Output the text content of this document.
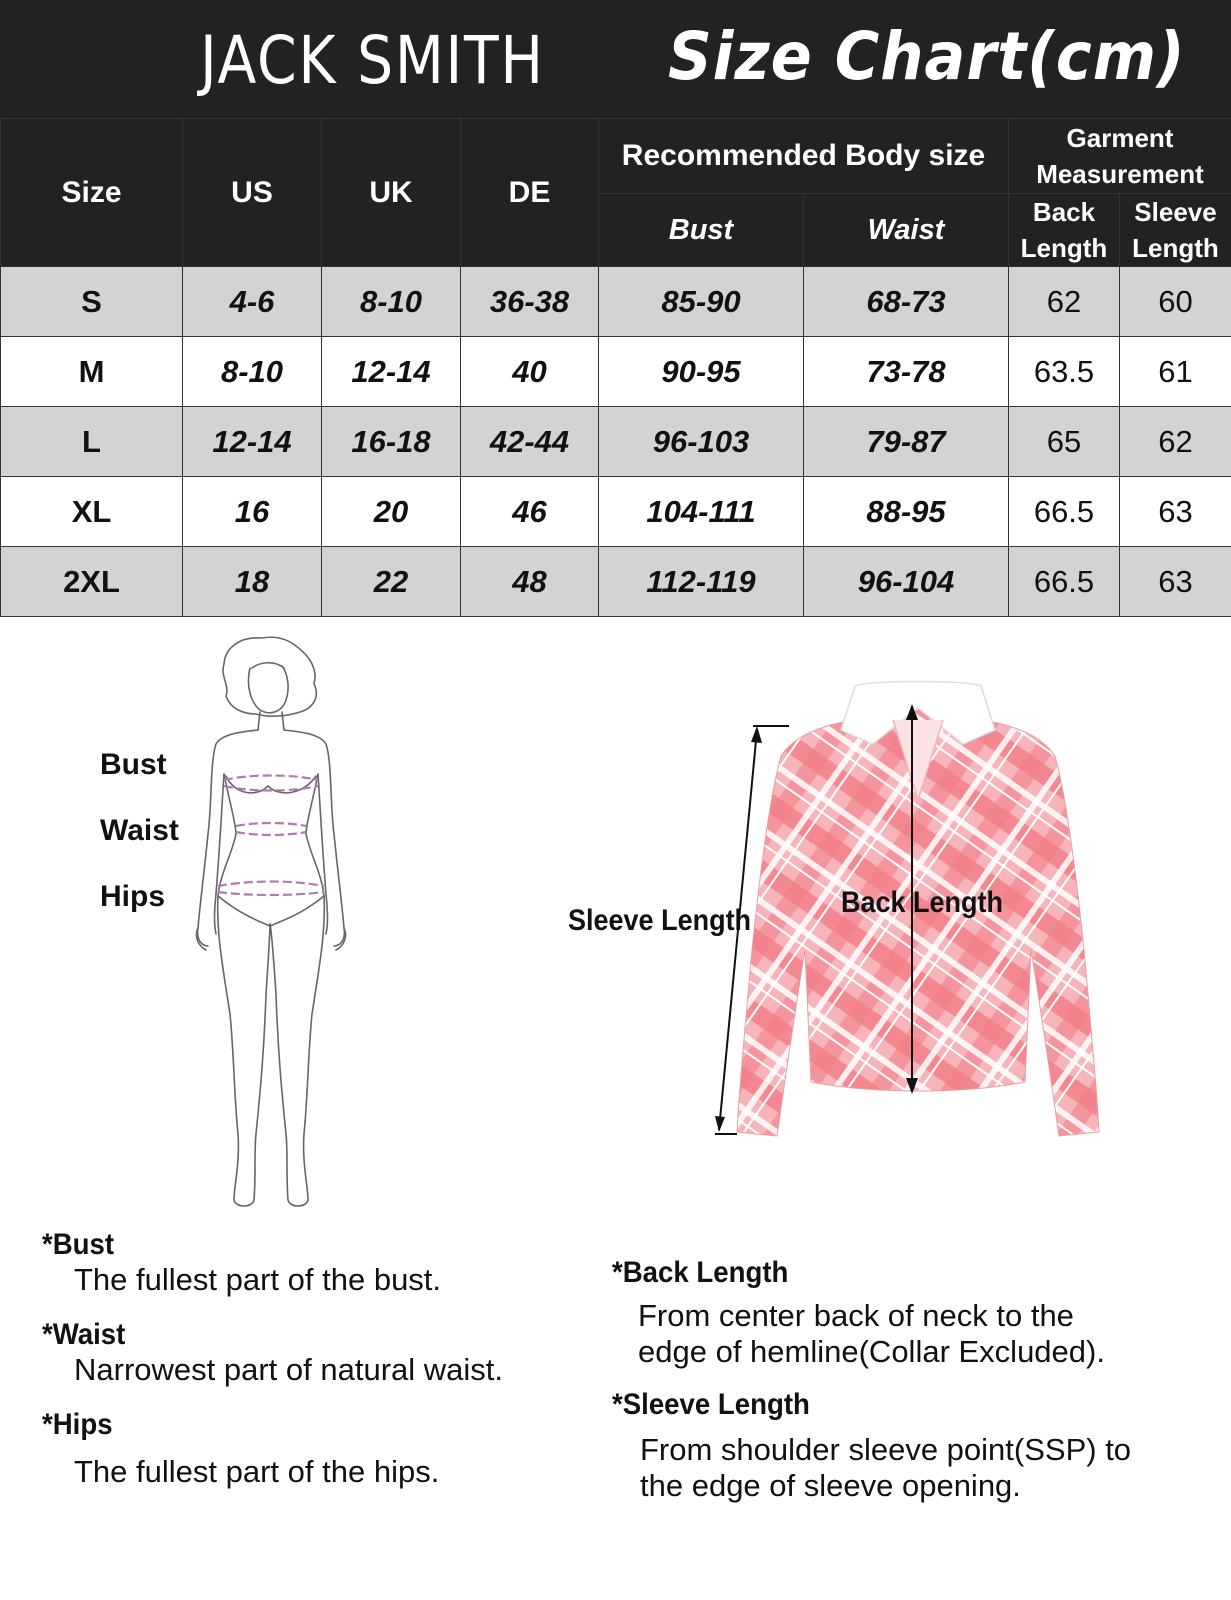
JACK SMITH Size Chart(cm)
Size	US	UK	DE	Recommended Body size		Garment Measurement	
				Bust	Waist	Back Length	Sleeve Length
S	4-6	8-10	36-38	85-90	68-73	62	60
M	8-10	12-14	40	90-95	73-78	63.5	61
L	12-14	16-18	42-44	96-103	79-87	65	62
XL	16	20	46	104-111	88-95	66.5	63
2XL	18	22	48	112-119	96-104	66.5	63
Bust
Waist
Hips
Sleeve Length
Back Length
*Bust
The fullest part of the bust.
*Waist
Narrowest part of natural waist.
*Hips
The fullest part of the hips.
*Back Length
From center back of neck to the
edge of hemline(Collar Excluded).
*Sleeve Length
From shoulder sleeve point(SSP) to
the edge of sleeve opening.
